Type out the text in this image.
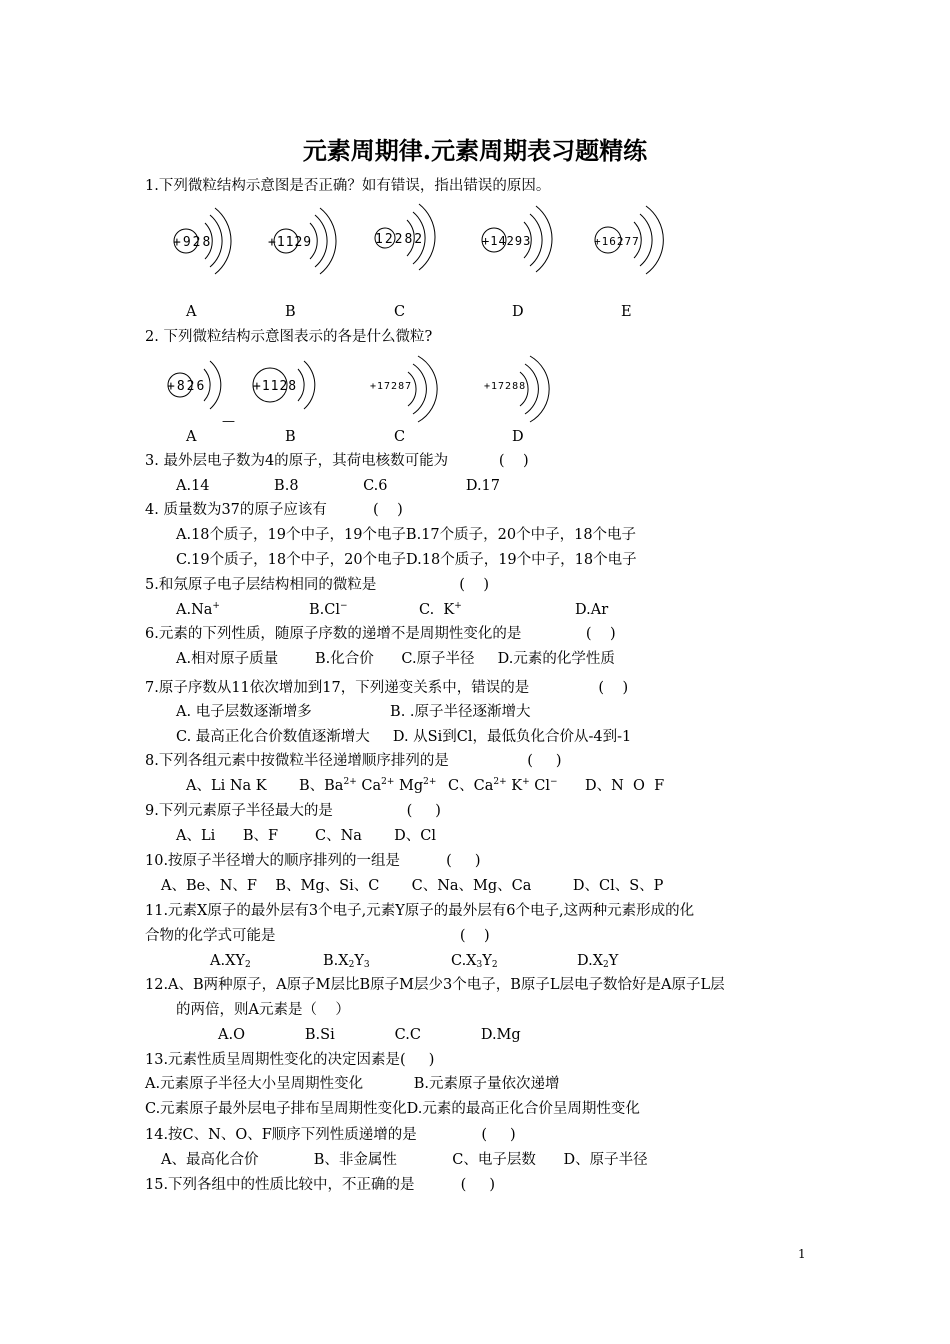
元素周期律.元素周期表习题精练
1.下列微粒结构示意图是否正确？如有错误，指出错误的原因。
+928	+1129	12282	+14293	+16277
A	B	C	D	E
2. 下列微粒结构示意图表示的各是什么微粒?
+826	+1128
—
+17287	+17288
A	B	C	D
3. 最外层电子数为4的原子，其荷电核数可能为           (    )
A.14              B.8              C.6                 D.17
4. 质量数为37的原子应该有          (    )
A.18个质子，19个中子，19个电子B.17个质子，20个中子，18个电子
C.19个质子，18个中子，20个电子D.18个质子，19个中子，18个电子
5.和氖原子电子层结构相同的微粒是                  (    )
A.Na+	B.Cl−	C.  K+	D.Ar
6.元素的下列性质，随原子序数的递增不是周期性变化的是              (    )
A.相对原子质量        B.化合价      C.原子半径     D.元素的化学性质
7.原子序数从11依次增加到17，下列递变关系中，错误的是               (    )
A. 电子层数逐渐增多                 B. .原子半径逐渐增大
C. 最高正化合价数值逐渐增大     D. 从Si到Cl，最低负化合价从-4到-1
8.下列各组元素中按微粒半径递增顺序排列的是                 (     )
A、Li Na K B、$Ba^{2+}$ $Ca^{2+}$ $Mg^{2+}$ C、$Ca^{2+}$ K+ Cl− D、N  O  F
9.下列元素原子半径最大的是                (     )
A、Li      B、F        C、Na       D、Cl
10.按原子半径增大的顺序排列的一组是          (     )
A、Be、N、F    B、Mg、Si、C       C、Na、Mg、Ca         D、Cl、S、P
11.元素X原子的最外层有3个电子,元素Y原子的最外层有6个电子,这两种元素形成的化
合物的化学式可能是                                        (    )
$A.XY_2$	$B.X_2Y_3$	$C.X_3Y_2$	$D.X_2Y$
12.A、B两种原子，A原子M层比B原子M层少3个电子，B原子L层电子数恰好是A原子L层
的两倍，则A元素是（    ）
A.O             B.Si             C.C             D.Mg
13.元素性质呈周期性变化的决定因素是(     )
A.元素原子半径大小呈周期性变化           B.元素原子量依次递增
C.元素原子最外层电子排布呈周期性变化D.元素的最高正化合价呈周期性变化
14.按C、N、O、F顺序下列性质递增的是              (     )
A、最高化合价            B、非金属性            C、电子层数      D、原子半径
15.下列各组中的性质比较中，不正确的是          (     )
1
